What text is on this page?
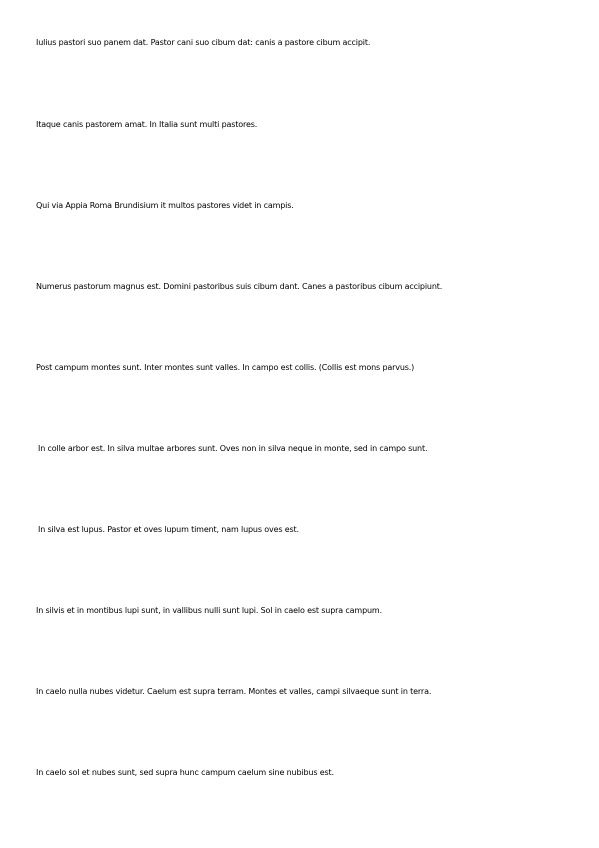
Iulius pastori suo panem dat. Pastor cani suo cibum dat: canis a pastore cibum accipit.
Itaque canis pastorem amat. In Italia sunt multi pastores.
Qui via Appia Roma Brundisium it multos pastores videt in campis.
Numerus pastorum magnus est. Domini pastoribus suis cibum dant. Canes a pastoribus cibum accipiunt.
Post campum montes sunt. Inter montes sunt valles. In campo est collis. (Collis est mons parvus.)
In colle arbor est. In silva multae arbores sunt. Oves non in silva neque in monte, sed in campo sunt.
In silva est lupus. Pastor et oves lupum timent, nam lupus oves est.
In silvis et in montibus lupi sunt, in vallibus nulli sunt lupi. Sol in caelo est supra campum.
In caelo nulla nubes videtur. Caelum est supra terram. Montes et valles, campi silvaeque sunt in terra.
In caelo sol et nubes sunt, sed supra hunc campum caelum sine nubibus est.
